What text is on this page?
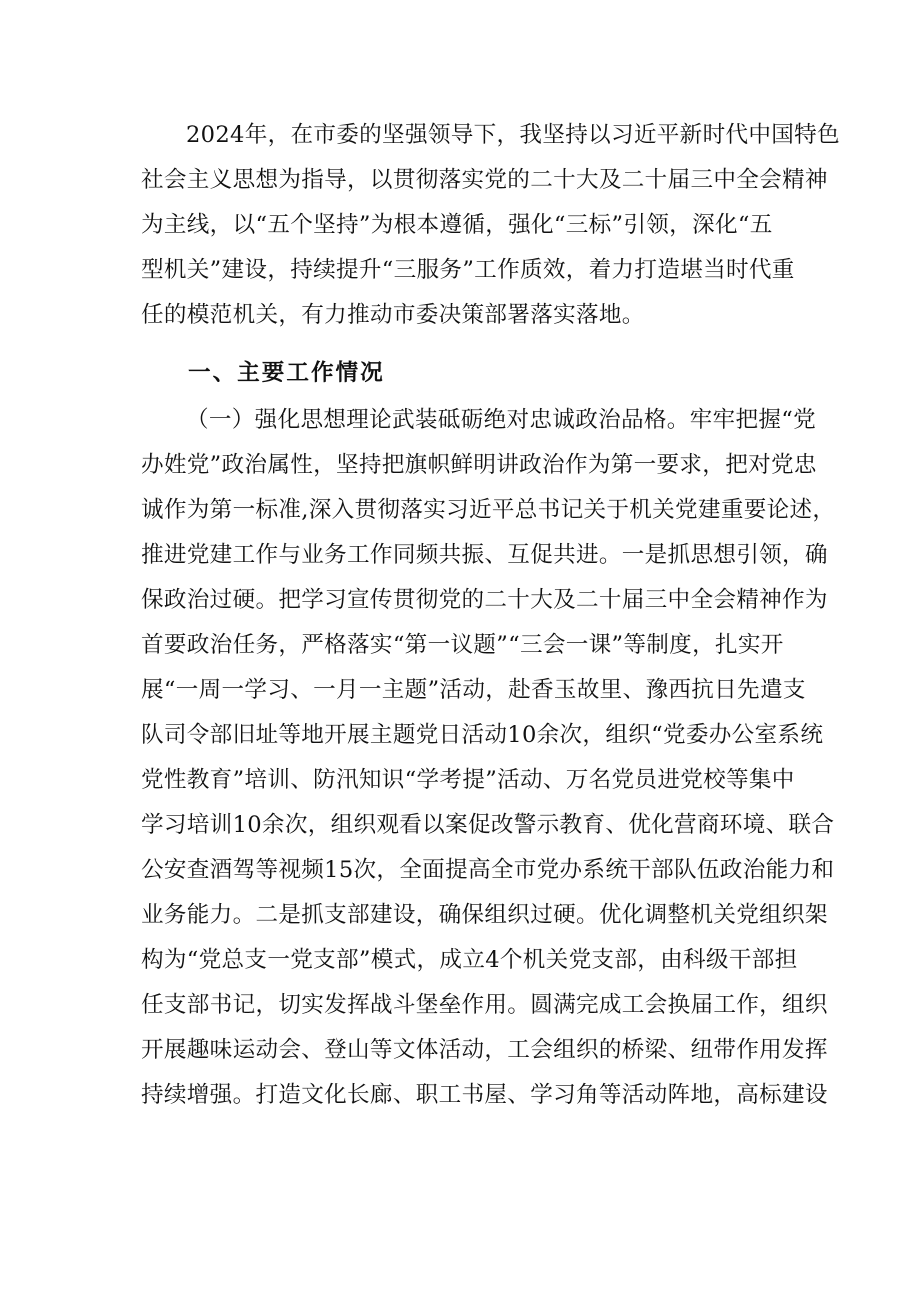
2024年，在市委的坚强领导下，我坚持以习近平新时代中国特色
社会主义思想为指导，以贯彻落实党的二十大及二十届三中全会精神
为主线，以“五个坚持”为根本遵循，强化“三标”引领，深化“五
型机关”建设，持续提升“三服务”工作质效，着力打造堪当时代重
任的模范机关，有力推动市委决策部署落实落地。
一、主要工作情况
（一）强化思想理论武装砥砺绝对忠诚政治品格。牢牢把握“党
办姓党”政治属性，坚持把旗帜鲜明讲政治作为第一要求，把对党忠
诚作为第一标准,深入贯彻落实习近平总书记关于机关党建重要论述，
推进党建工作与业务工作同频共振、互促共进。一是抓思想引领，确
保政治过硬。把学习宣传贯彻党的二十大及二十届三中全会精神作为
首要政治任务，严格落实“第一议题”“三会一课”等制度，扎实开
展“一周一学习、一月一主题”活动，赴香玉故里、豫西抗日先遣支
队司令部旧址等地开展主题党日活动10余次，组织“党委办公室系统
党性教育”培训、防汛知识“学考提”活动、万名党员进党校等集中
学习培训10余次，组织观看以案促改警示教育、优化营商环境、联合
公安查酒驾等视频15次，全面提高全市党办系统干部队伍政治能力和
业务能力。二是抓支部建设，确保组织过硬。优化调整机关党组织架
构为“党总支一党支部”模式，成立4个机关党支部，由科级干部担
任支部书记，切实发挥战斗堡垒作用。圆满完成工会换届工作，组织
开展趣味运动会、登山等文体活动，工会组织的桥梁、纽带作用发挥
持续增强。打造文化长廊、职工书屋、学习角等活动阵地，高标建设
